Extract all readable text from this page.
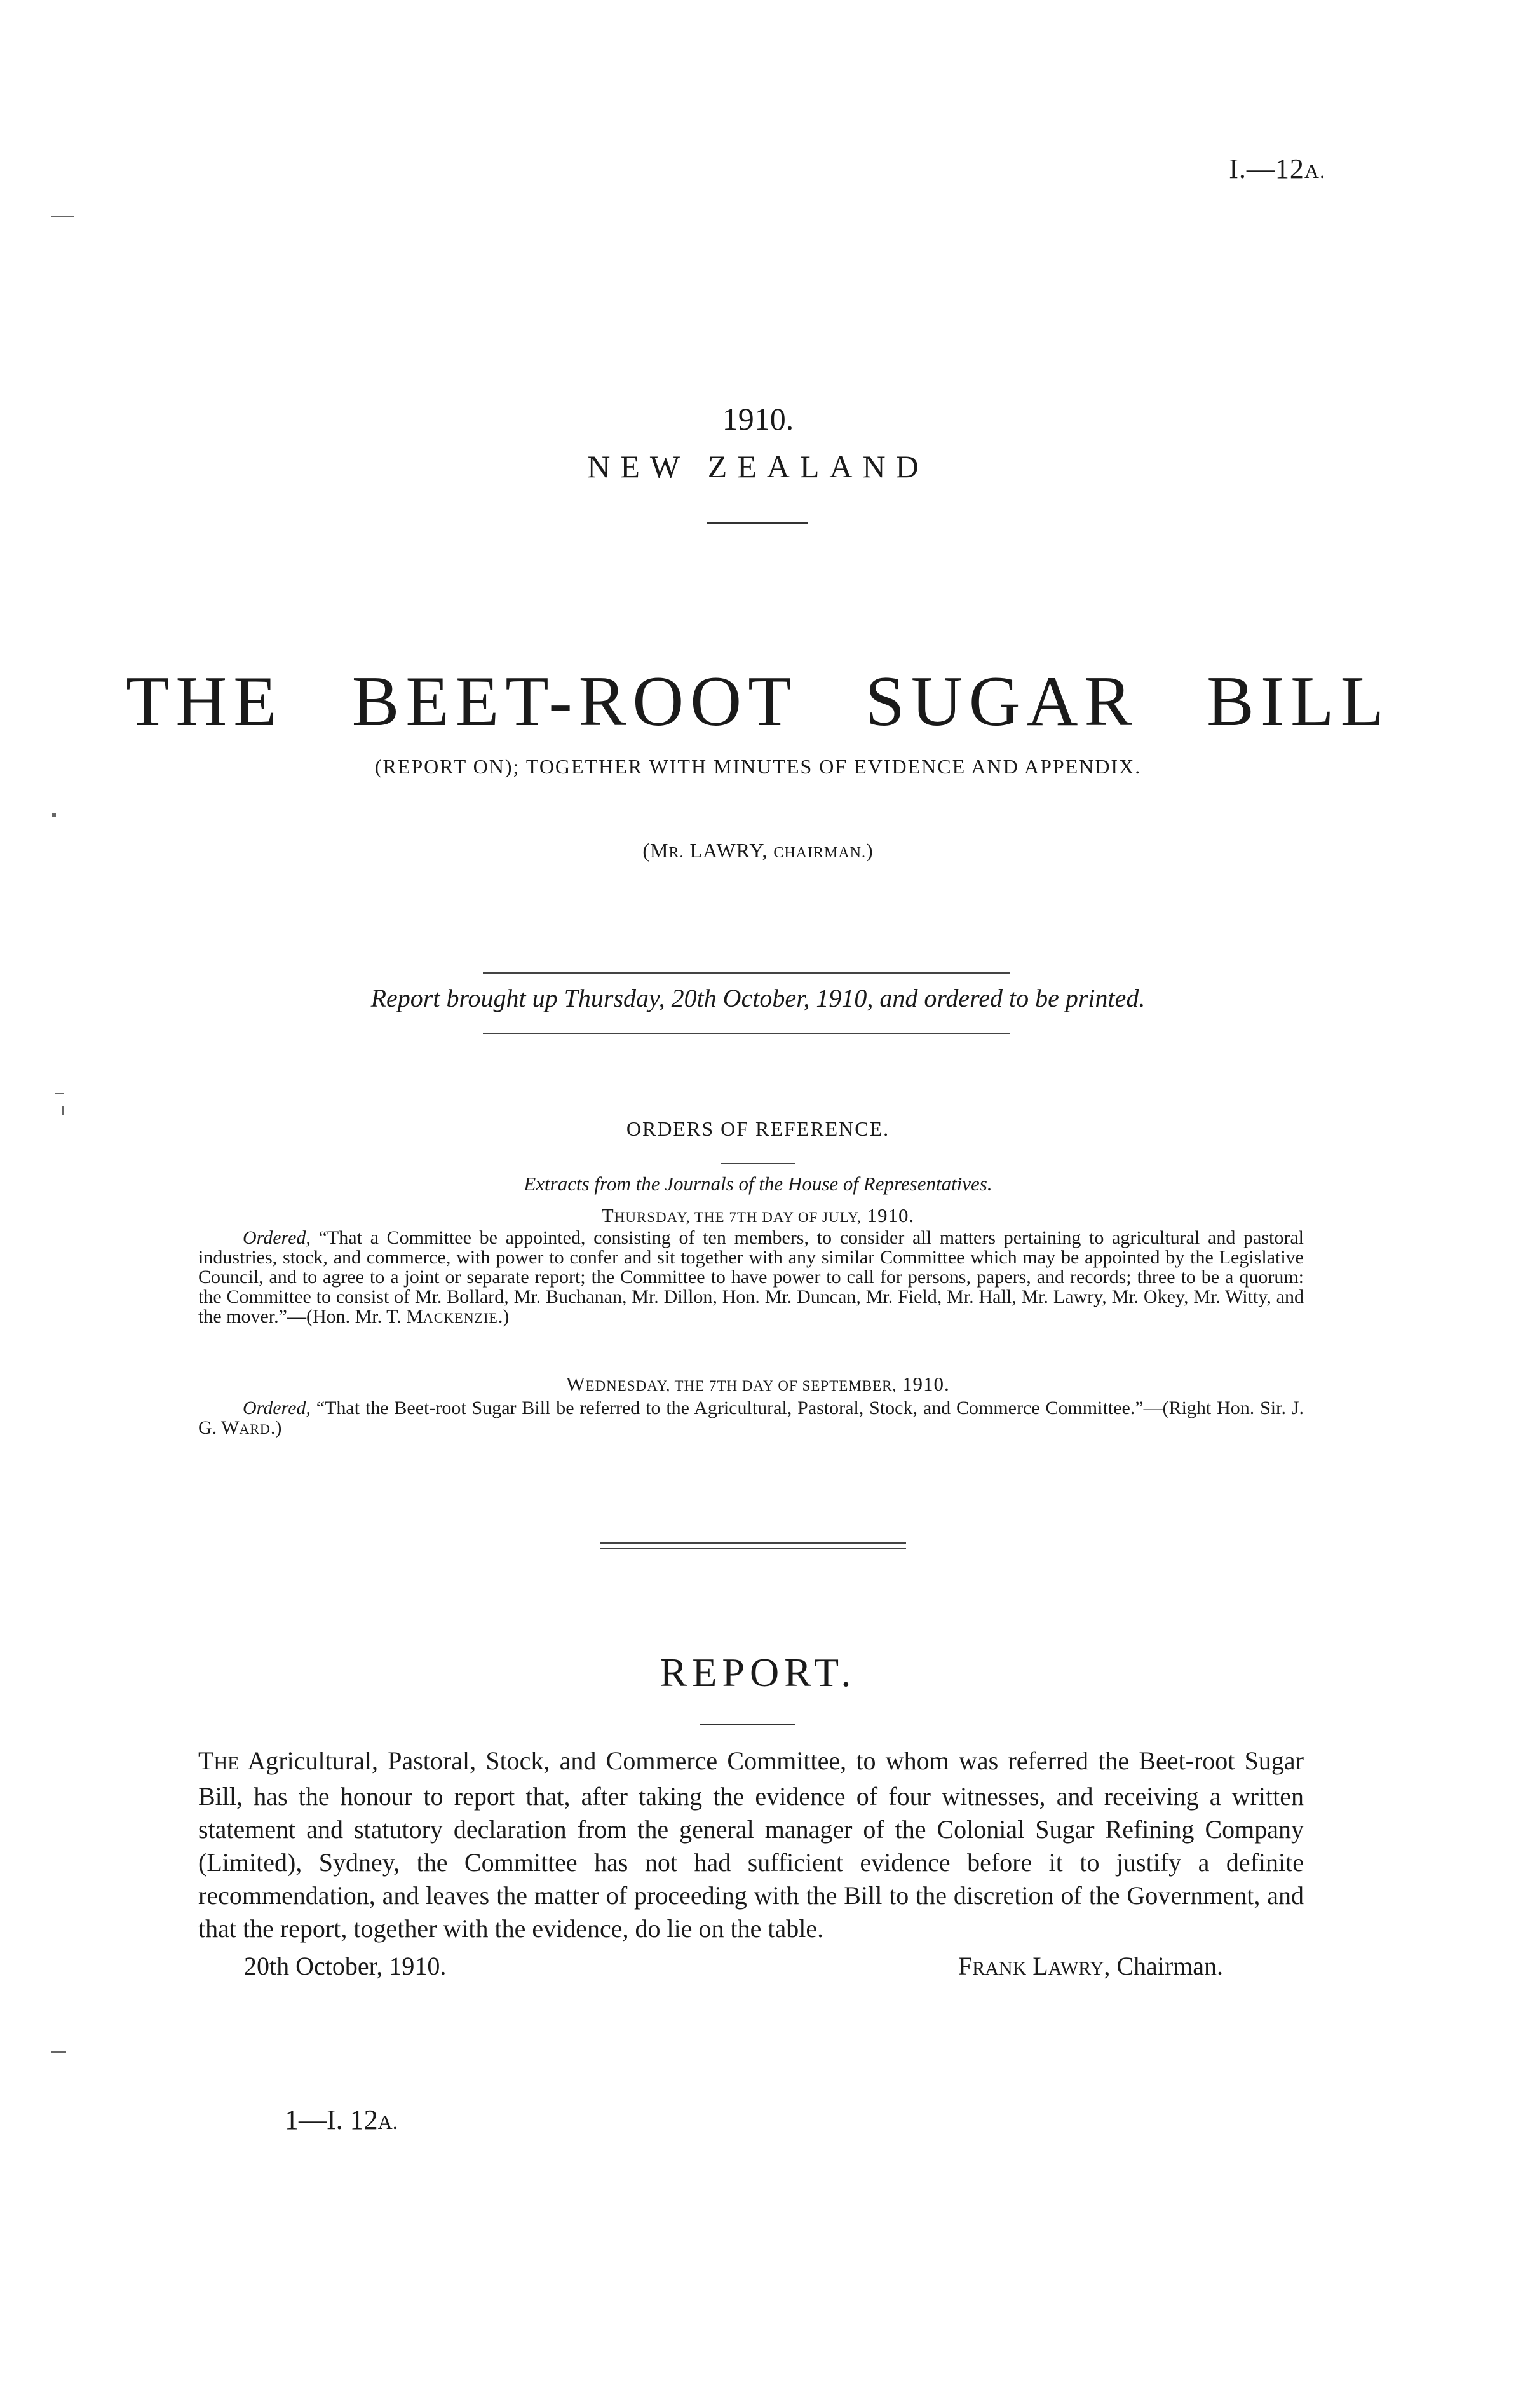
I.—12A.
1910.
NEW ZEALAND
THE BEET-ROOT SUGAR BILL
(REPORT ON); TOGETHER WITH MINUTES OF EVIDENCE AND APPENDIX.
(MR. LAWRY, CHAIRMAN.)
Report brought up Thursday, 20th October, 1910, and ordered to be printed.
ORDERS OF REFERENCE.
Extracts from the Journals of the House of Representatives.
THURSDAY, THE 7TH DAY OF JULY, 1910.
Ordered, “That a Committee be appointed, consisting of ten members, to consider all matters pertaining to agricultural and pastoral industries, stock, and commerce, with power to confer and sit together with any similar Committee which may be appointed by the Legislative Council, and to agree to a joint or separate report; the Committee to have power to call for persons, papers, and records; three to be a quorum: the Committee to consist of Mr. Bollard, Mr. Buchanan, Mr. Dillon, Hon. Mr. Duncan, Mr. Field, Mr. Hall, Mr. Lawry, Mr. Okey, Mr. Witty, and the mover.”—(Hon. Mr. T. MACKENZIE.)
WEDNESDAY, THE 7TH DAY OF SEPTEMBER, 1910.
Ordered, “That the Beet-root Sugar Bill be referred to the Agricultural, Pastoral, Stock, and Commerce Committee.”—(Right Hon. Sir. J. G. WARD.)
REPORT.
THE Agricultural, Pastoral, Stock, and Commerce Committee, to whom was referred the Beet-root Sugar Bill, has the honour to report that, after taking the evidence of four witnesses, and receiving a written statement and statutory declaration from the general manager of the Colonial Sugar Refining Company (Limited), Sydney, the Committee has not had sufficient evidence before it to justify a definite recommendation, and leaves the matter of proceeding with the Bill to the discretion of the Government, and that the report, together with the evidence, do lie on the table.
20th October, 1910.	FRANK LAWRY, Chairman.
1—I. 12A.
